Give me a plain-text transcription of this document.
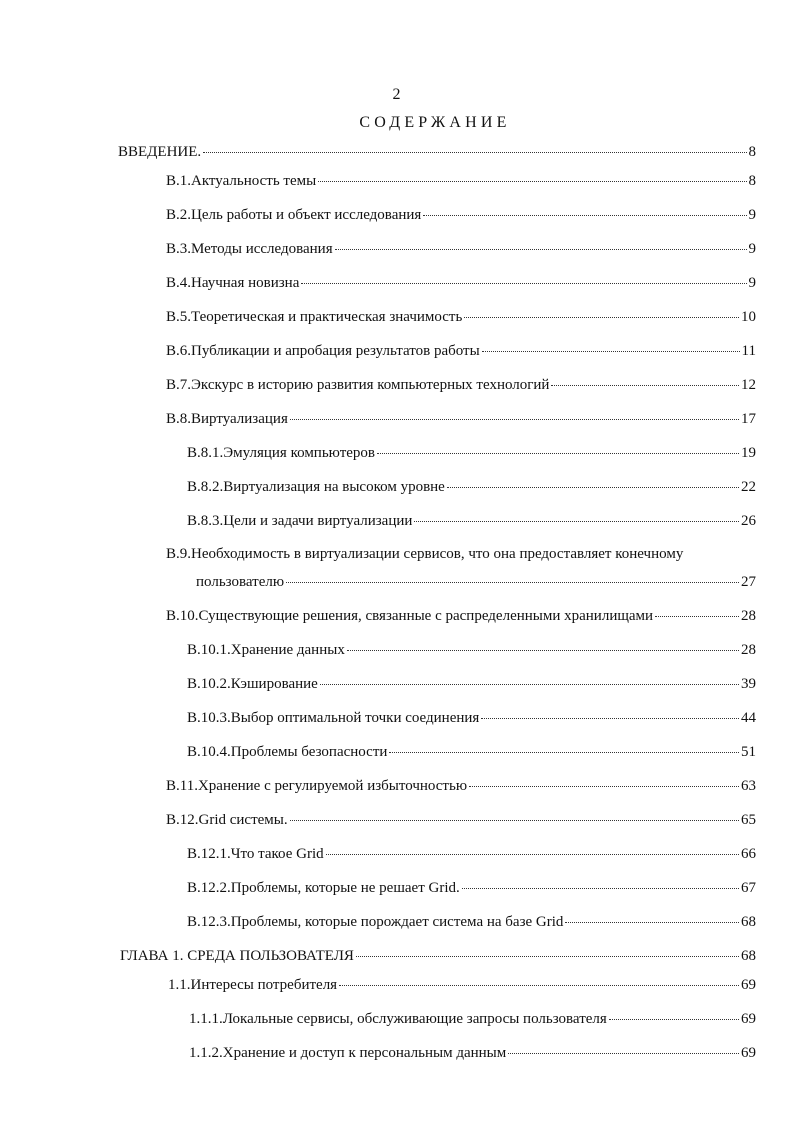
2
СОДЕРЖАНИЕ
ВВЕДЕНИЕ.	8
В.1.Актуальность темы	8
В.2.Цель работы и объект исследования	9
В.3.Методы исследования	9
В.4.Научная новизна	9
В.5.Теоретическая и практическая значимость	10
В.6.Публикации и апробация результатов работы	11
В.7.Экскурс в историю развития компьютерных технологий	12
В.8.Виртуализация	17
В.8.1.Эмуляция компьютеров	19
В.8.2.Виртуализация на высоком уровне	22
В.8.3.Цели и задачи виртуализации	26
В.9.Необходимость в виртуализации сервисов, что она предоставляет конечному
пользователю	27
В.10.Существующие решения, связанные с распределенными хранилищами	28
В.10.1.Хранение данных	28
В.10.2.Кэширование	39
В.10.3.Выбор оптимальной точки соединения	44
В.10.4.Проблемы безопасности	51
В.11.Хранение с регулируемой избыточностью	63
В.12.Grid системы.	65
В.12.1.Что такое Grid	66
В.12.2.Проблемы, которые не решает Grid.	67
В.12.3.Проблемы, которые порождает система на базе Grid	68
ГЛАВА 1. СРЕДА ПОЛЬЗОВАТЕЛЯ	68
1.1.Интересы потребителя	69
1.1.1.Локальные сервисы, обслуживающие запросы пользователя	69
1.1.2.Хранение и доступ к персональным данным	69
